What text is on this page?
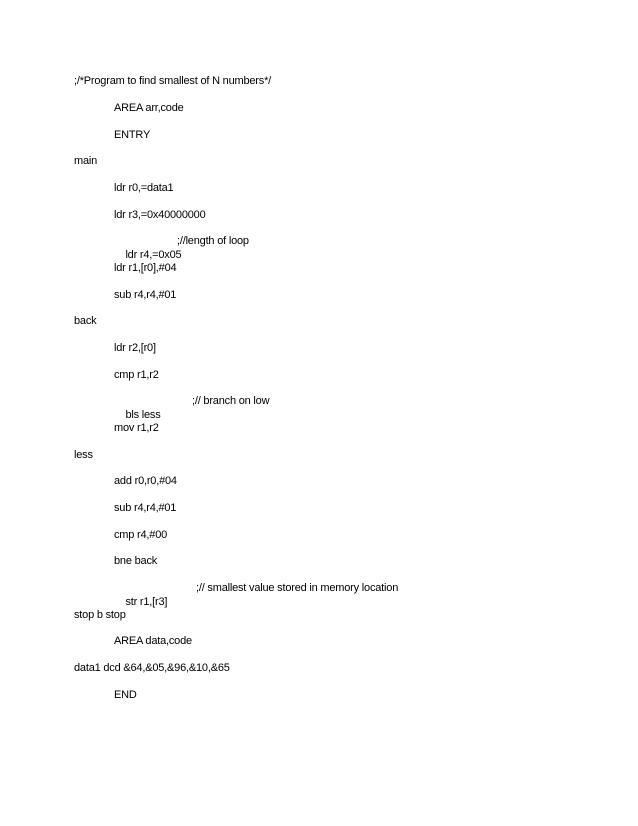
;/*Program to find smallest of N numbers*/
AREA arr,code
ENTRY
main
ldr r0,=data1
ldr r3,=0x40000000

ldr r4,=0x05

;//length of loop

ldr r1,[r0],#04
sub r4,r4,#01
back
ldr r2,[r0]
cmp r1,r2

bls less

;// branch on low

mov r1,r2
less
add r0,r0,#04
sub r4,r4,#01
cmp r4,#00
bne back

str r1,[r3]

;// smallest value stored in memory location

stop b stop
AREA data,code
data1 dcd &64,&05,&96,&10,&65
END
